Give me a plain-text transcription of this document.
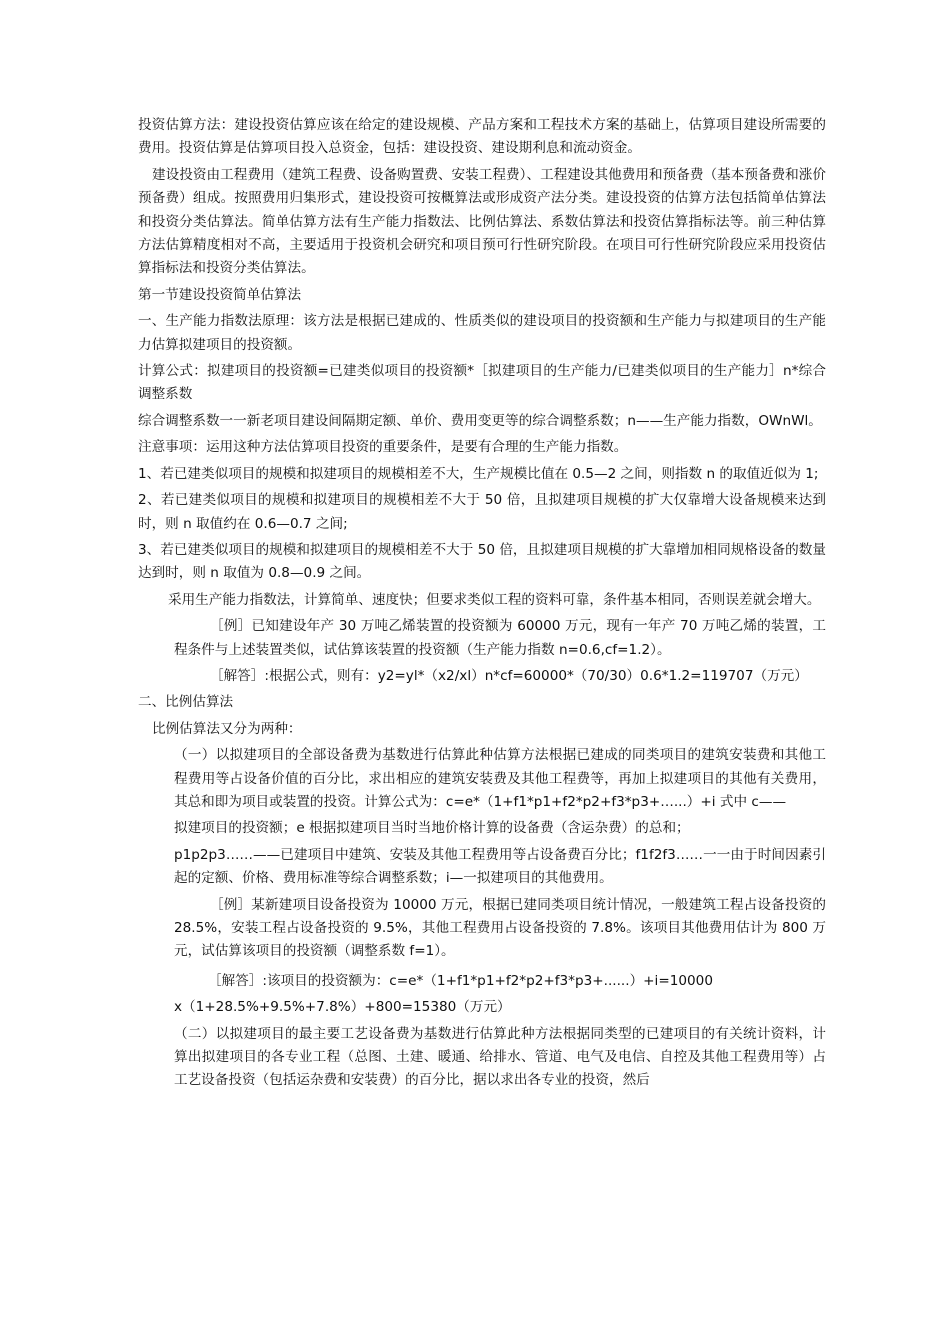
投资估算方法：建设投资估算应该在给定的建设规模、产品方案和工程技术方案的基础上，估算项目建设所需要的费用。投资估算是估算项目投入总资金，包括：建设投资、建设期利息和流动资金。

建设投资由工程费用（建筑工程费、设备购置费、安装工程费）、工程建设其他费用和预备费（基本预备费和涨价预备费）组成。按照费用归集形式，建设投资可按概算法或形成资产法分类。建设投资的估算方法包括简单估算法和投资分类估算法。简单估算方法有生产能力指数法、比例估算法、系数估算法和投资估算指标法等。前三种估算方法估算精度相对不高，主要适用于投资机会研究和项目预可行性研究阶段。在项目可行性研究阶段应采用投资估算指标法和投资分类估算法。

第一节建设投资简单估算法

一、生产能力指数法原理：该方法是根据已建成的、性质类似的建设项目的投资额和生产能力与拟建项目的生产能力估算拟建项目的投资额。

计算公式：拟建项目的投资额=已建类似项目的投资额*［拟建项目的生产能力/已建类似项目的生产能力］n*综合调整系数

综合调整系数一一新老项目建设间隔期定额、单价、费用变更等的综合调整系数；n——生产能力指数，OWnWl。

注意事项：运用这种方法估算项目投资的重要条件，是要有合理的生产能力指数。

1、若已建类似项目的规模和拟建项目的规模相差不大，生产规模比值在 0.5—2 之间，则指数 n 的取值近似为 1;

2、若已建类似项目的规模和拟建项目的规模相差不大于 50 倍，且拟建项目规模的扩大仅靠增大设备规模来达到时，则 n 取值约在 0.6—0.7 之间;

3、若已建类似项目的规模和拟建项目的规模相差不大于 50 倍，且拟建项目规模的扩大靠增加相同规格设备的数量达到时，则 n 取值为 0.8—0.9 之间。

采用生产能力指数法，计算简单、速度快；但要求类似工程的资料可靠，条件基本相同，否则误差就会增大。

［例］已知建设年产 30 万吨乙烯装置的投资额为 60000 万元，现有一年产 70 万吨乙烯的装置，工程条件与上述装置类似，试估算该装置的投资额（生产能力指数 n=0.6,cf=1.2）。

［解答］:根据公式，则有：y2=yl*（x2/xl）n*cf=60000*（70/30）0.6*1.2=119707（万元）

二、比例估算法

比例估算法又分为两种：

（一）以拟建项目的全部设备费为基数进行估算此种估算方法根据已建成的同类项目的建筑安装费和其他工程费用等占设备价值的百分比，求出相应的建筑安装费及其他工程费等，再加上拟建项目的其他有关费用，其总和即为项目或装置的投资。计算公式为：c=e*（1+f1*p1+f2*p2+f3*p3+…...）+i 式中 c——

拟建项目的投资额；e 根据拟建项目当时当地价格计算的设备费（含运杂费）的总和；

p1p2p3……——已建项目中建筑、安装及其他工程费用等占设备费百分比；f1f2f3……一一由于时间因素引起的定额、价格、费用标准等综合调整系数；i—一拟建项目的其他费用。

［例］某新建项目设备投资为 10000 万元，根据已建同类项目统计情况，一般建筑工程占设备投资的 28.5%，安装工程占设备投资的 9.5%，其他工程费用占设备投资的 7.8%。该项目其他费用估计为 800 万元，试估算该项目的投资额（调整系数 f=1）。

［解答］:该项目的投资额为：c=e*（1+f1*p1+f2*p2+f3*p3+......）+i=10000

x（1+28.5%+9.5%+7.8%）+800=15380（万元）

（二）以拟建项目的最主要工艺设备费为基数进行估算此种方法根据同类型的已建项目的有关统计资料，计算出拟建项目的各专业工程（总图、土建、暖通、给排水、管道、电气及电信、自控及其他工程费用等）占工艺设备投资（包括运杂费和安装费）的百分比，据以求出各专业的投资，然后
